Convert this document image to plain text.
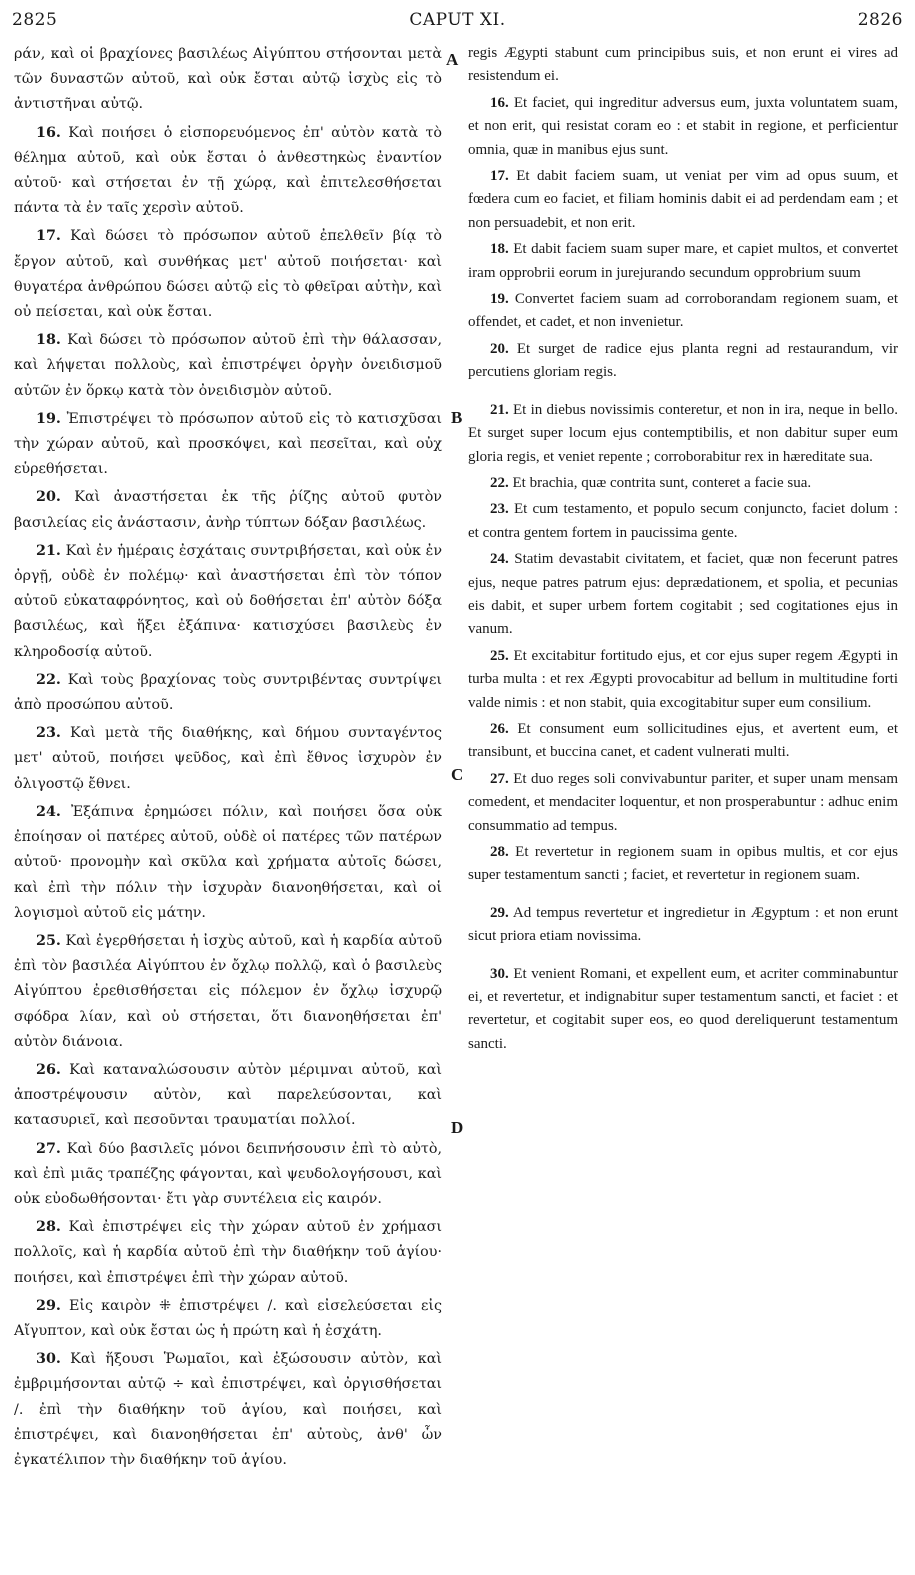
2825	CAPUT XI.	2826

ράν, καὶ οἱ βραχίονες βασιλέως Αἰγύπτου στήσονται μετὰ τῶν δυναστῶν αὐτοῦ, καὶ οὐκ ἔσται αὐτῷ ἰσχὺς εἰς τὸ ἀντιστῆναι αὐτῷ.

16. Καὶ ποιήσει ὁ εἰσπορευόμενος ἐπ' αὐτὸν κατὰ τὸ θέλημα αὐτοῦ, καὶ οὐκ ἔσται ὁ ἀνθεστηκὼς ἐναντίον αὐτοῦ· καὶ στήσεται ἐν τῇ χώρᾳ, καὶ ἐπιτελεσθήσεται πάντα τὰ ἐν ταῖς χερσὶν αὐτοῦ.

17. Καὶ δώσει τὸ πρόσωπον αὐτοῦ ἐπελθεῖν βίᾳ τὸ ἔργον αὐτοῦ, καὶ συνθήκας μετ' αὐτοῦ ποιήσεται· καὶ θυγατέρα ἀνθρώπου δώσει αὐτῷ εἰς τὸ φθεῖραι αὐτὴν, καὶ οὐ πείσεται, καὶ οὐκ ἔσται.

18. Καὶ δώσει τὸ πρόσωπον αὐτοῦ ἐπὶ τὴν θάλασσαν, καὶ λήψεται πολλοὺς, καὶ ἐπιστρέψει ὀργὴν ὀνειδισμοῦ αὐτῶν ἐν ὅρκῳ κατὰ τὸν ὀνειδισμὸν αὐτοῦ.

19. Ἐπιστρέψει τὸ πρόσωπον αὐτοῦ εἰς τὸ κατισχῦσαι τὴν χώραν αὐτοῦ, καὶ προσκόψει, καὶ πεσεῖται, καὶ οὐχ εὑρεθήσεται.

20. Καὶ ἀναστήσεται ἐκ τῆς ῥίζης αὐτοῦ φυτὸν βασιλείας εἰς ἀνάστασιν, ἀνὴρ τύπτων δόξαν βασιλέως.

21. Καὶ ἐν ἡμέραις ἐσχάταις συντριβήσεται, καὶ οὐκ ἐν ὀργῇ, οὐδὲ ἐν πολέμῳ· καὶ ἀναστήσεται ἐπὶ τὸν τόπον αὐτοῦ εὐκαταφρόνητος, καὶ οὐ δοθήσεται ἐπ' αὐτὸν δόξα βασιλέως, καὶ ἥξει ἐξάπινα· κατισχύσει βασιλεὺς ἐν κληροδοσίᾳ αὐτοῦ.

22. Καὶ τοὺς βραχίονας τοὺς συντριβέντας συντρίψει ἀπὸ προσώπου αὐτοῦ.

23. Καὶ μετὰ τῆς διαθήκης, καὶ δήμου συνταγέντος μετ' αὐτοῦ, ποιήσει ψεῦδος, καὶ ἐπὶ ἔθνος ἰσχυρὸν ἐν ὀλιγοστῷ ἔθνει.

24. Ἐξάπινα ἐρημώσει πόλιν, καὶ ποιήσει ὅσα οὐκ ἐποίησαν οἱ πατέρες αὐτοῦ, οὐδὲ οἱ πατέρες τῶν πατέρων αὐτοῦ· προνομὴν καὶ σκῦλα καὶ χρήματα αὐτοῖς δώσει, καὶ ἐπὶ τὴν πόλιν τὴν ἰσχυρὰν διανοηθήσεται, καὶ οἱ λογισμοὶ αὐτοῦ εἰς μάτην.

25. Καὶ ἐγερθήσεται ἡ ἰσχὺς αὐτοῦ, καὶ ἡ καρδία αὐτοῦ ἐπὶ τὸν βασιλέα Αἰγύπτου ἐν ὄχλῳ πολλῷ, καὶ ὁ βασιλεὺς Αἰγύπτου ἐρεθισθήσεται εἰς πόλεμον ἐν ὄχλῳ ἰσχυρῷ σφόδρα λίαν, καὶ οὐ στήσεται, ὅτι διανοηθήσεται ἐπ' αὐτὸν διάνοια.

26. Καὶ καταναλώσουσιν αὐτὸν μέριμναι αὐτοῦ, καὶ ἀποστρέψουσιν αὐτὸν, καὶ παρελεύσονται, καὶ κατασυριεῖ, καὶ πεσοῦνται τραυματίαι πολλοί.

27. Καὶ δύο βασιλεῖς μόνοι δειπνήσουσιν ἐπὶ τὸ αὐτὸ, καὶ ἐπὶ μιᾶς τραπέζης φάγονται, καὶ ψευδολογήσουσι, καὶ οὐκ εὐοδωθήσονται· ἔτι γὰρ συντέλεια εἰς καιρόν.

28. Καὶ ἐπιστρέψει εἰς τὴν χώραν αὐτοῦ ἐν χρήμασι πολλοῖς, καὶ ἡ καρδία αὐτοῦ ἐπὶ τὴν διαθήκην τοῦ ἁγίου· ποιήσει, καὶ ἐπιστρέψει ἐπὶ τὴν χώραν αὐτοῦ.

29. Εἰς καιρὸν ⁜ ἐπιστρέψει /. καὶ εἰσελεύσεται εἰς Αἴγυπτον, καὶ οὐκ ἔσται ὡς ἡ πρώτη καὶ ἡ ἐσχάτη.

30. Καὶ ἥξουσι Ῥωμαῖοι, καὶ ἐξώσουσιν αὐτὸν, καὶ ἐμβριμήσονται αὐτῷ ÷ καὶ ἐπιστρέψει, καὶ ὀργισθήσεται /. ἐπὶ τὴν διαθήκην τοῦ ἁγίου, καὶ ποιήσει, καὶ ἐπιστρέψει, καὶ διανοηθήσεται ἐπ' αὐτοὺς, ἀνθ' ὧν ἐγκατέλιπον τὴν διαθήκην τοῦ ἁγίου.

regis Ægypti stabunt cum principibus suis, et non erunt ei vires ad resistendum ei.

16. Et faciet, qui ingreditur adversus eum, juxta voluntatem suam, et non erit, qui resistat coram eo : et stabit in regione, et perficientur omnia, quæ in manibus ejus sunt.

17. Et dabit faciem suam, ut veniat per vim ad opus suum, et fœdera cum eo faciet, et filiam hominis dabit ei ad perdendam eam ; et non persuadebit, et non erit.

18. Et dabit faciem suam super mare, et capiet multos, et convertet iram opprobrii eorum in jurejurando secundum opprobrium suum

19. Convertet faciem suam ad corroborandam regionem suam, et offendet, et cadet, et non invenietur.

20. Et surget de radice ejus planta regni ad restaurandum, vir percutiens gloriam regis.

21. Et in diebus novissimis conteretur, et non in ira, neque in bello. Et surget super locum ejus contemptibilis, et non dabitur super eum gloria regis, et veniet repente ; corroborabitur rex in hæreditate sua.

22. Et brachia, quæ contrita sunt, conteret a facie sua.

23. Et cum testamento, et populo secum conjuncto, faciet dolum : et contra gentem fortem in paucissima gente.

24. Statim devastabit civitatem, et faciet, quæ non fecerunt patres ejus, neque patres patrum ejus: deprædationem, et spolia, et pecunias eis dabit, et super urbem fortem cogitabit ; sed cogitationes ejus in vanum.

25. Et excitabitur fortitudo ejus, et cor ejus super regem Ægypti in turba multa : et rex Ægypti provocabitur ad bellum in multitudine forti valde nimis : et non stabit, quia excogitabitur super eum consilium.

26. Et consument eum sollicitudines ejus, et avertent eum, et transibunt, et buccina canet, et cadent vulnerati multi.

27. Et duo reges soli convivabuntur pariter, et super unam mensam comedent, et mendaciter loquentur, et non prosperabuntur : adhuc enim consummatio ad tempus.

28. Et revertetur in regionem suam in opibus multis, et cor ejus super testamentum sancti ; faciet, et revertetur in regionem suam.

29. Ad tempus revertetur et ingredietur in Ægyptum : et non erunt sicut priora etiam novissima.

30. Et venient Romani, et expellent eum, et acriter comminabuntur ei, et revertetur, et indignabitur super testamentum sancti, et faciet : et revertetur, et cogitabit super eos, eo quod dereliquerunt testamentum sancti.

A
B
C
D
